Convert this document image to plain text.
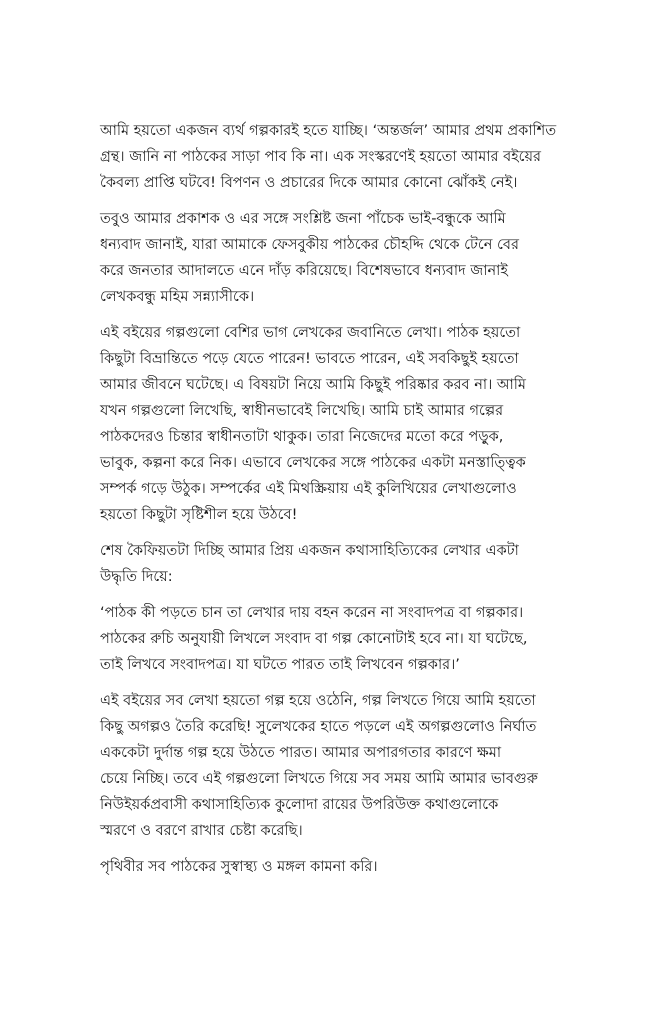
আমি হয়তো একজন ব্যর্থ গল্পকারই হতে যাচ্ছি। ‘অন্তর্জল’ আমার প্রথম প্রকাশিত
গ্রন্থ। জানি না পাঠকের সাড়া পাব কি না। এক সংস্করণেই হয়তো আমার বইয়ের
কৈবল্য প্রাপ্তি ঘটবে! বিপণন ও প্রচারের দিকে আমার কোনো ঝোঁকই নেই।

তবুও আমার প্রকাশক ও এর সঙ্গে সংশ্লিষ্ট জনা পাঁচেক ভাই-বন্ধুকে আমি
ধন্যবাদ জানাই, যারা আমাকে ফেসবুকীয় পাঠকের চৌহদ্দি থেকে টেনে বের
করে জনতার আদালতে এনে দাঁড় করিয়েছে। বিশেষভাবে ধন্যবাদ জানাই
লেখকবন্ধু মহিম সন্ন্যাসীকে।

এই বইয়ের গল্পগুলো বেশির ভাগ লেখকের জবানিতে লেখা। পাঠক হয়তো
কিছুটা বিভ্রান্তিতে পড়ে যেতে পারেন! ভাবতে পারেন, এই সবকিছুই হয়তো
আমার জীবনে ঘটেছে। এ বিষয়টা নিয়ে আমি কিছুই পরিষ্কার করব না। আমি
যখন গল্পগুলো লিখেছি, স্বাধীনভাবেই লিখেছি। আমি চাই আমার গল্পের
পাঠকদেরও চিন্তার স্বাধীনতাটা থাকুক। তারা নিজেদের মতো করে পড়ুক,
ভাবুক, কল্পনা করে নিক। এভাবে লেখকের সঙ্গে পাঠকের একটা মনস্তাত্ত্বিক
সম্পর্ক গড়ে উঠুক। সম্পর্কের এই মিথস্ক্রিয়ায় এই কুলিখিয়ের লেখাগুলোও
হয়তো কিছুটা সৃষ্টিশীল হয়ে উঠবে!

শেষ কৈফিয়তটা দিচ্ছি আমার প্রিয় একজন কথাসাহিত্যিকের লেখার একটা
উদ্ধৃতি দিয়ে:

‘পাঠক কী পড়তে চান তা লেখার দায় বহন করেন না সংবাদপত্র বা গল্পকার।
পাঠকের রুচি অনুযায়ী লিখলে সংবাদ বা গল্প কোনোটাই হবে না। যা ঘটেছে,
তাই লিখবে সংবাদপত্র। যা ঘটতে পারত তাই লিখবেন গল্পকার।’

এই বইয়ের সব লেখা হয়তো গল্প হয়ে ওঠেনি, গল্প লিখতে গিয়ে আমি হয়তো
কিছু অগল্পও তৈরি করেছি! সুলেখকের হাতে পড়লে এই অগল্পগুলোও নির্ঘাত
এককেটা দুর্দান্ত গল্প হয়ে উঠতে পারত। আমার অপারগতার কারণে ক্ষমা
চেয়ে নিচ্ছি। তবে এই গল্পগুলো লিখতে গিয়ে সব সময় আমি আমার ভাবগুরু
নিউইয়র্কপ্রবাসী কথাসাহিত্যিক কুলোদা রায়ের উপরিউক্ত কথাগুলোকে
স্মরণে ও বরণে রাখার চেষ্টা করেছি।

পৃথিবীর সব পাঠকের সুস্বাস্থ্য ও মঙ্গল কামনা করি।
